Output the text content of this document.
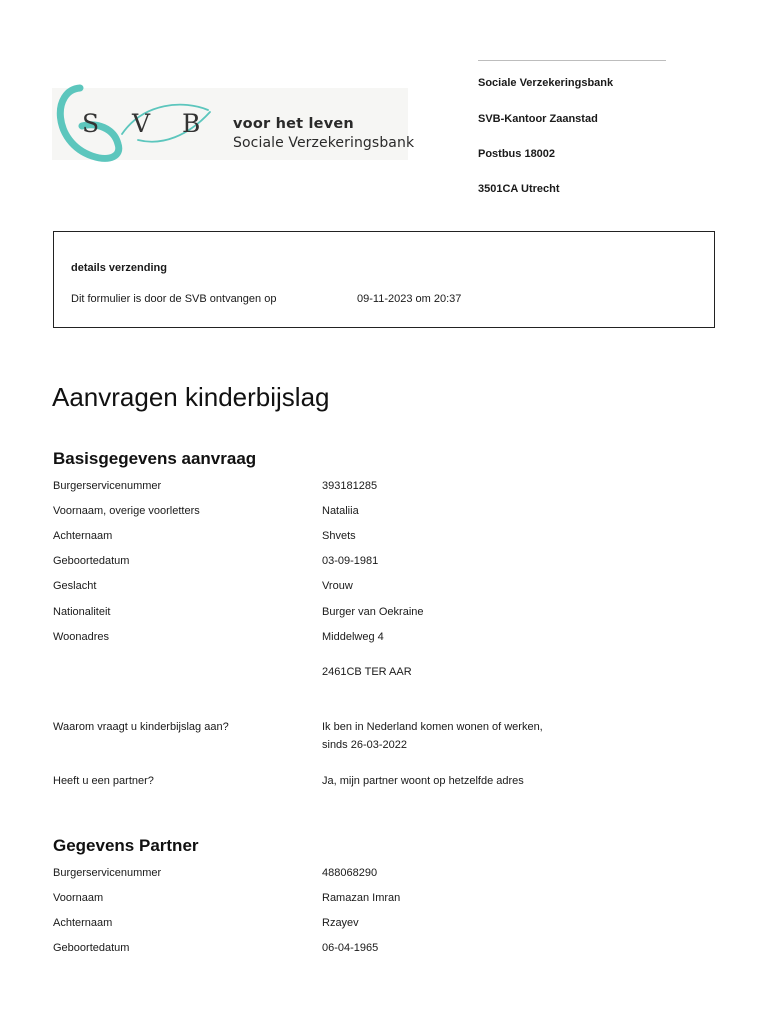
S V B voor het leven
Sociale Verzekeringsbank
Sociale Verzekeringsbank
SVB-Kantoor Zaanstad
Postbus 18002
3501CA Utrecht
details verzending
Dit formulier is door de SVB ontvangen op	09-11-2023 om 20:37
Aanvragen kinderbijslag
Basisgegevens aanvraag
Burgerservicenummer	393181285
Voornaam, overige voorletters	Nataliia
Achternaam	Shvets
Geboortedatum	03-09-1981
Geslacht	Vrouw
Nationaliteit	Burger van Oekraine
Woonadres	Middelweg 4
2461CB TER AAR
Waarom vraagt u kinderbijslag aan?	Ik ben in Nederland komen wonen of werken,
sinds 26-03-2022
Heeft u een partner?	Ja, mijn partner woont op hetzelfde adres
Gegevens Partner
Burgerservicenummer	488068290
Voornaam	Ramazan Imran
Achternaam	Rzayev
Geboortedatum	06-04-1965
